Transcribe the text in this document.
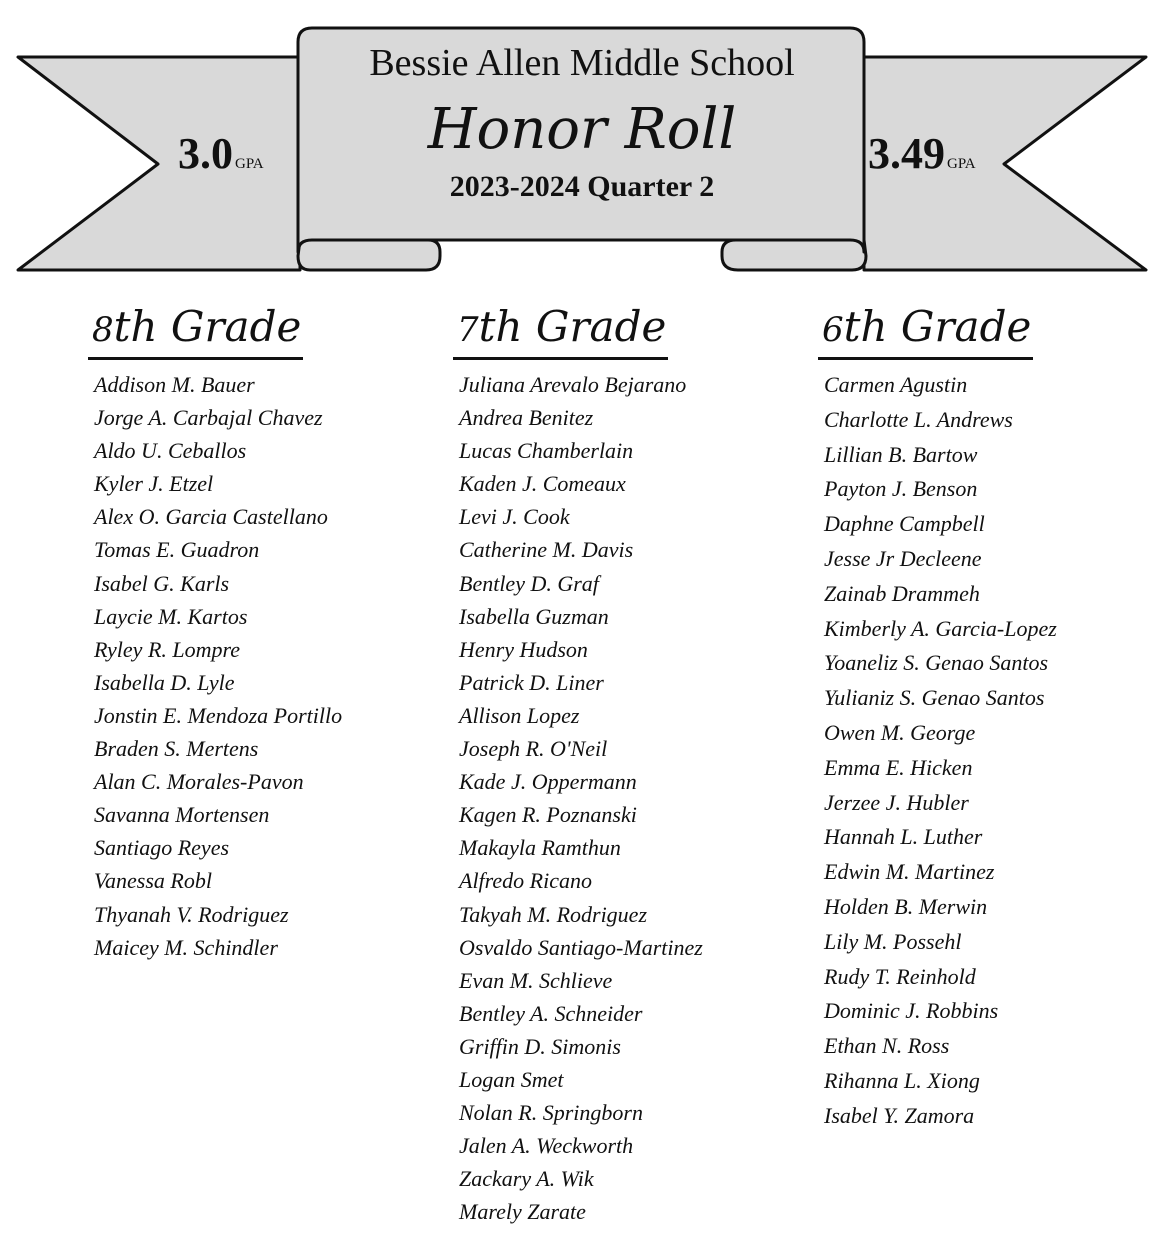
Bessie Allen Middle School
Honor Roll
2023-2024 Quarter 2
3.0 GPA	3.49 GPA
8th Grade
Addison M. Bauer
Jorge A. Carbajal Chavez
Aldo U. Ceballos
Kyler J. Etzel
Alex O. Garcia Castellano
Tomas E. Guadron
Isabel G. Karls
Laycie M. Kartos
Ryley R. Lompre
Isabella D. Lyle
Jonstin E. Mendoza Portillo
Braden S. Mertens
Alan C. Morales-Pavon
Savanna Mortensen
Santiago Reyes
Vanessa Robl
Thyanah V. Rodriguez
Maicey M. Schindler
7th Grade
Juliana Arevalo Bejarano
Andrea Benitez
Lucas Chamberlain
Kaden J. Comeaux
Levi J. Cook
Catherine M. Davis
Bentley D. Graf
Isabella Guzman
Henry Hudson
Patrick D. Liner
Allison Lopez
Joseph R. O'Neil
Kade J. Oppermann
Kagen R. Poznanski
Makayla Ramthun
Alfredo Ricano
Takyah M. Rodriguez
Osvaldo Santiago-Martinez
Evan M. Schlieve
Bentley A. Schneider
Griffin D. Simonis
Logan Smet
Nolan R. Springborn
Jalen A. Weckworth
Zackary A. Wik
Marely Zarate
6th Grade
Carmen Agustin
Charlotte L. Andrews
Lillian B. Bartow
Payton J. Benson
Daphne Campbell
Jesse Jr Decleene
Zainab Drammeh
Kimberly A. Garcia-Lopez
Yoaneliz S. Genao Santos
Yulianiz S. Genao Santos
Owen M. George
Emma E. Hicken
Jerzee J. Hubler
Hannah L. Luther
Edwin M. Martinez
Holden B. Merwin
Lily M. Possehl
Rudy T. Reinhold
Dominic J. Robbins
Ethan N. Ross
Rihanna L. Xiong
Isabel Y. Zamora
